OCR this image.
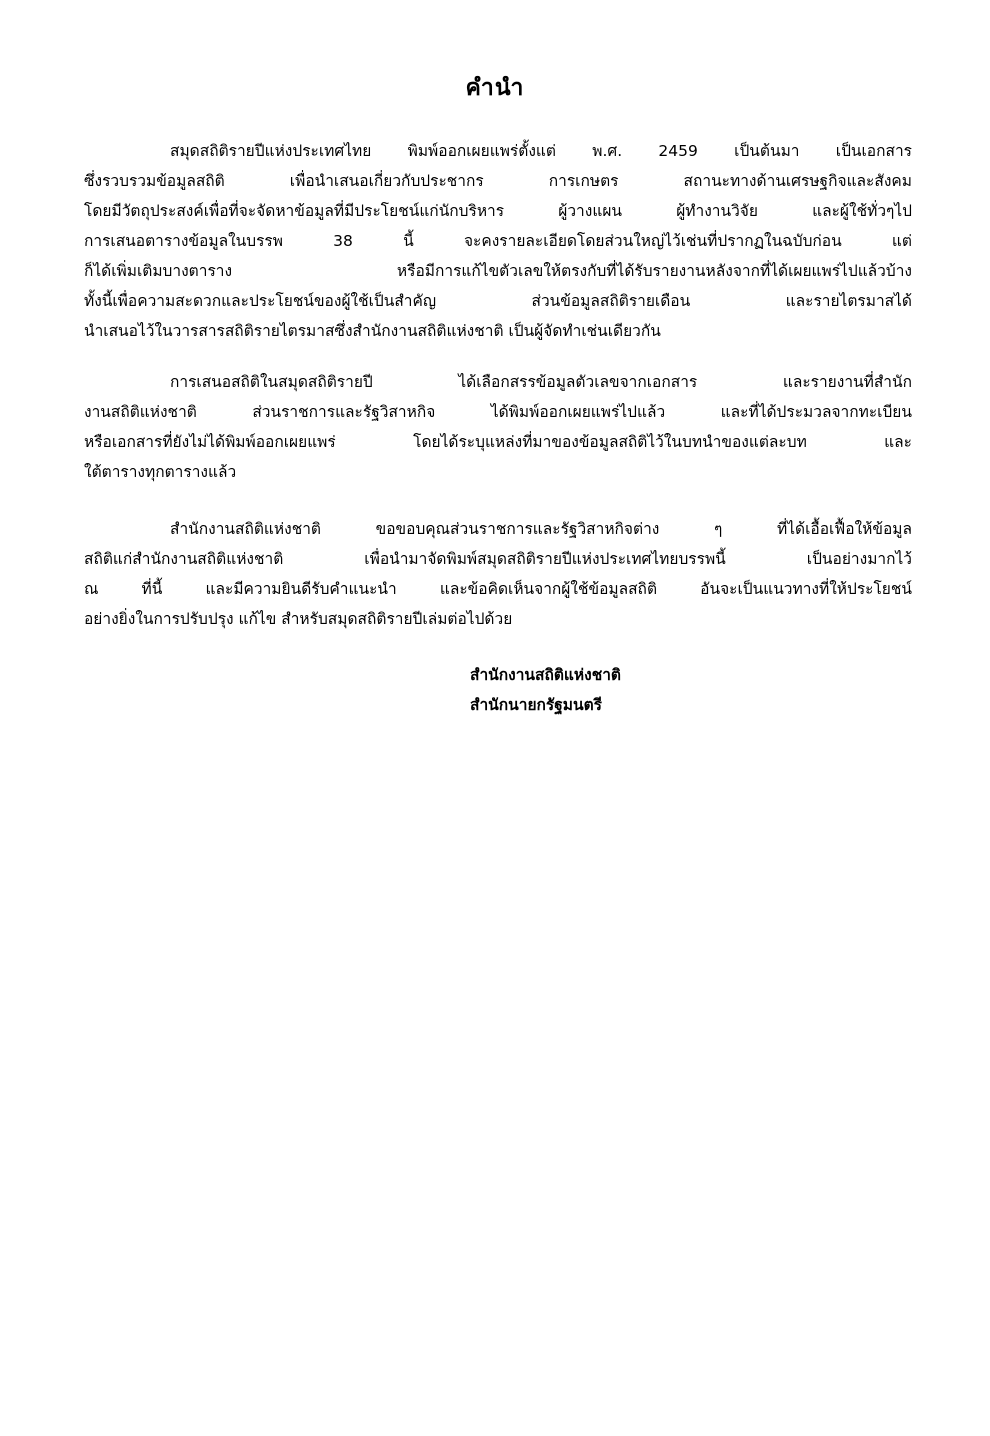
คำนำ
สมุดสถิติรายปีแห่งประเทศไทย พิมพ์ออกเผยแพร่ตั้งแต่ พ.ศ. 2459 เป็นต้นมา เป็นเอกสาร
ซึ่งรวบรวมข้อมูลสถิติ เพื่อนำเสนอเกี่ยวกับประชากร การเกษตร สถานะทางด้านเศรษฐกิจและสังคม
โดยมีวัตถุประสงค์เพื่อที่จะจัดหาข้อมูลที่มีประโยชน์แก่นักบริหาร ผู้วางแผน ผู้ทำงานวิจัย และผู้ใช้ทั่วๆไป
การเสนอตารางข้อมูลในบรรพ 38 นี้ จะคงรายละเอียดโดยส่วนใหญ่ไว้เช่นที่ปรากฏในฉบับก่อน แต่
ก็ได้เพิ่มเติมบางตาราง หรือมีการแก้ไขตัวเลขให้ตรงกับที่ได้รับรายงานหลังจากที่ได้เผยแพร่ไปแล้วบ้าง
ทั้งนี้เพื่อความสะดวกและประโยชน์ของผู้ใช้เป็นสำคัญ ส่วนข้อมูลสถิติรายเดือน และรายไตรมาสได้
นำเสนอไว้ในวารสารสถิติรายไตรมาสซึ่งสำนักงานสถิติแห่งชาติ เป็นผู้จัดทำเช่นเดียวกัน
การเสนอสถิติในสมุดสถิติรายปี ได้เลือกสรรข้อมูลตัวเลขจากเอกสาร และรายงานที่สำนัก
งานสถิติแห่งชาติ ส่วนราชการและรัฐวิสาหกิจ ได้พิมพ์ออกเผยแพร่ไปแล้ว และที่ได้ประมวลจากทะเบียน
หรือเอกสารที่ยังไม่ได้พิมพ์ออกเผยแพร่ โดยได้ระบุแหล่งที่มาของข้อมูลสถิติไว้ในบทนำของแต่ละบท และ
ใต้ตารางทุกตารางแล้ว
สำนักงานสถิติแห่งชาติ ขอขอบคุณส่วนราชการและรัฐวิสาหกิจต่าง ๆ ที่ได้เอื้อเฟื้อให้ข้อมูล
สถิติแก่สำนักงานสถิติแห่งชาติ เพื่อนำมาจัดพิมพ์สมุดสถิติรายปีแห่งประเทศไทยบรรพนี้ เป็นอย่างมากไว้
ณ ที่นี้ และมีความยินดีรับคำแนะนำ และข้อคิดเห็นจากผู้ใช้ข้อมูลสถิติ อันจะเป็นแนวทางที่ให้ประโยชน์
อย่างยิ่งในการปรับปรุง แก้ไข สำหรับสมุดสถิติรายปีเล่มต่อไปด้วย
สำนักงานสถิติแห่งชาติ
สำนักนายกรัฐมนตรี
